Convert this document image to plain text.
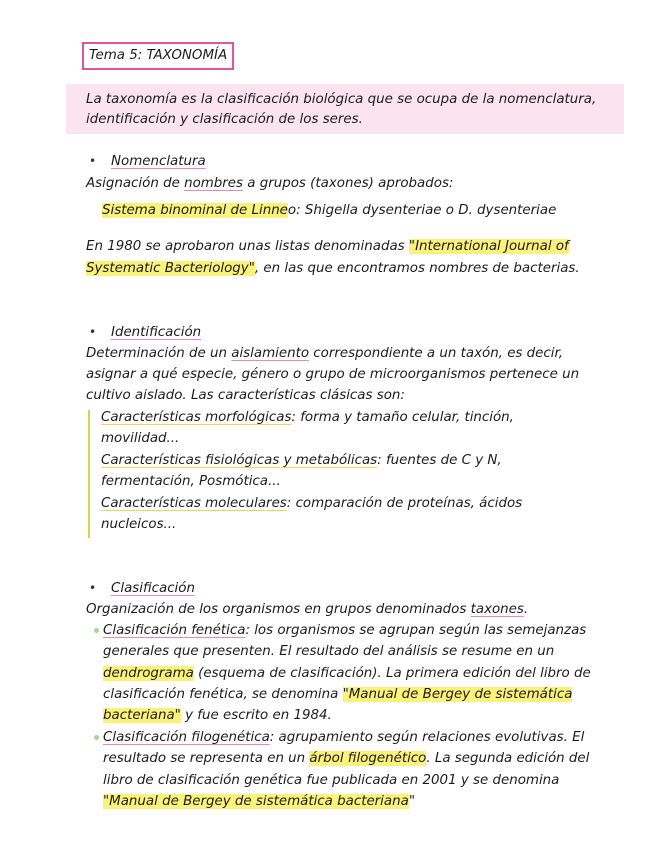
Tema 5: TAXONOMÍA
La taxonomía es la clasificación biológica que se ocupa de la nomenclatura,
identificación y clasificación de los seres.
• Nomenclatura
Asignación de nombres a grupos (taxones) aprobados:
Sistema binominal de Linneo: Shigella dysenteriae o D. dysenteriae
En 1980 se aprobaron unas listas denominadas "International Journal of
Systematic Bacteriology", en las que encontramos nombres de bacterias.
• Identificación
Determinación de un aislamiento correspondiente a un taxón, es decir,
asignar a qué especie, género o grupo de microorganismos pertenece un
cultivo aislado. Las características clásicas son:
Características morfológicas: forma y tamaño celular, tinción,
movilidad...
Características fisiológicas y metabólicas: fuentes de C y N,
fermentación, Posmótica...
Características moleculares: comparación de proteínas, ácidos
nucleicos...
• Clasificación
Organización de los organismos en grupos denominados taxones.
Clasificación fenética: los organismos se agrupan según las semejanzas
generales que presenten. El resultado del análisis se resume en un
dendrograma (esquema de clasificación). La primera edición del libro de
clasificación fenética, se denomina "Manual de Bergey de sistemática
bacteriana" y fue escrito en 1984.
Clasificación filogenética: agrupamiento según relaciones evolutivas. El
resultado se representa en un árbol filogenético. La segunda edición del
libro de clasificación genética fue publicada en 2001 y se denomina
"Manual de Bergey de sistemática bacteriana"
